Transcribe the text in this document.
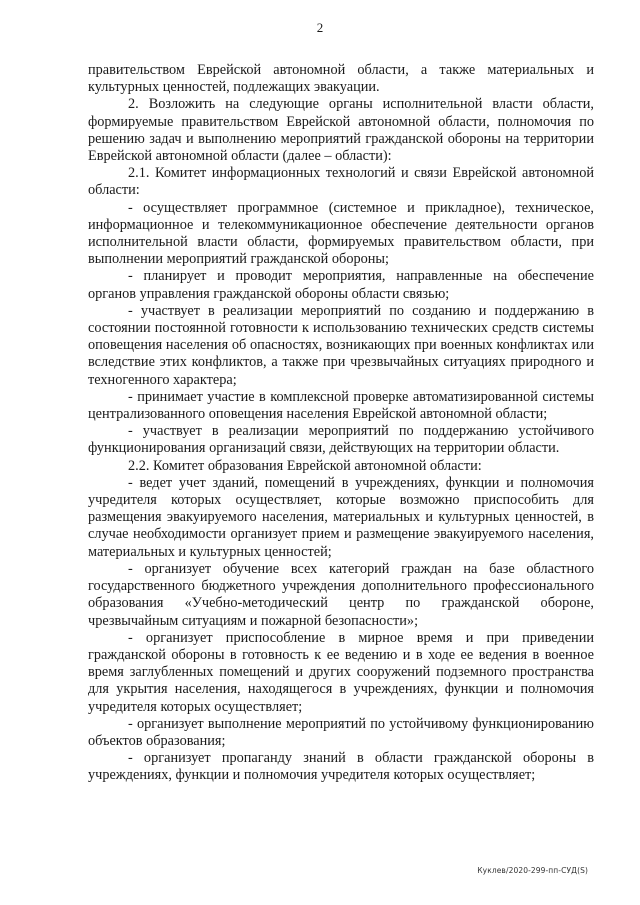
2

правительством Еврейской автономной области, а также материальных и культурных ценностей, подлежащих эвакуации.

2. Возложить на следующие органы исполнительной власти области, формируемые правительством Еврейской автономной области, полномочия по решению задач и выполнению мероприятий гражданской обороны на территории Еврейской автономной области (далее – области):

2.1. Комитет информационных технологий и связи Еврейской автономной области:

- осуществляет программное (системное и прикладное), техническое, информационное и телекоммуникационное обеспечение деятельности органов исполнительной власти области, формируемых правительством области, при выполнении мероприятий гражданской обороны;

- планирует и проводит мероприятия, направленные на обеспечение органов управления гражданской обороны области связью;

- участвует в реализации мероприятий по созданию и поддержанию в состоянии постоянной готовности к использованию технических средств системы оповещения населения об опасностях, возникающих при военных конфликтах или вследствие этих конфликтов, а также при чрезвычайных ситуациях природного и техногенного характера;

- принимает участие в комплексной проверке автоматизированной системы централизованного оповещения населения Еврейской автономной области;

- участвует в реализации мероприятий по поддержанию устойчивого функционирования организаций связи, действующих на территории области.

2.2. Комитет образования Еврейской автономной области:

- ведет учет зданий, помещений в учреждениях, функции и полномочия учредителя которых осуществляет, которые возможно приспособить для размещения эвакуируемого населения, материальных и культурных ценностей, в случае необходимости организует прием и размещение эвакуируемого населения, материальных и культурных ценностей;

- организует обучение всех категорий граждан на базе областного государственного бюджетного учреждения дополнительного профессионального образования «Учебно-методический центр по гражданской обороне, чрезвычайным ситуациям и пожарной безопасности»;

- организует приспособление в мирное время и при приведении гражданской обороны в готовность к ее ведению и в ходе ее ведения в военное время заглубленных помещений и других сооружений подземного пространства для укрытия населения, находящегося в учреждениях, функции и полномочия учредителя которых осуществляет;

- организует выполнение мероприятий по устойчивому функционированию объектов образования;

- организует пропаганду знаний в области гражданской обороны в учреждениях, функции и полномочия учредителя которых осуществляет;

Куклев/2020-299-пп-СУД(S)
